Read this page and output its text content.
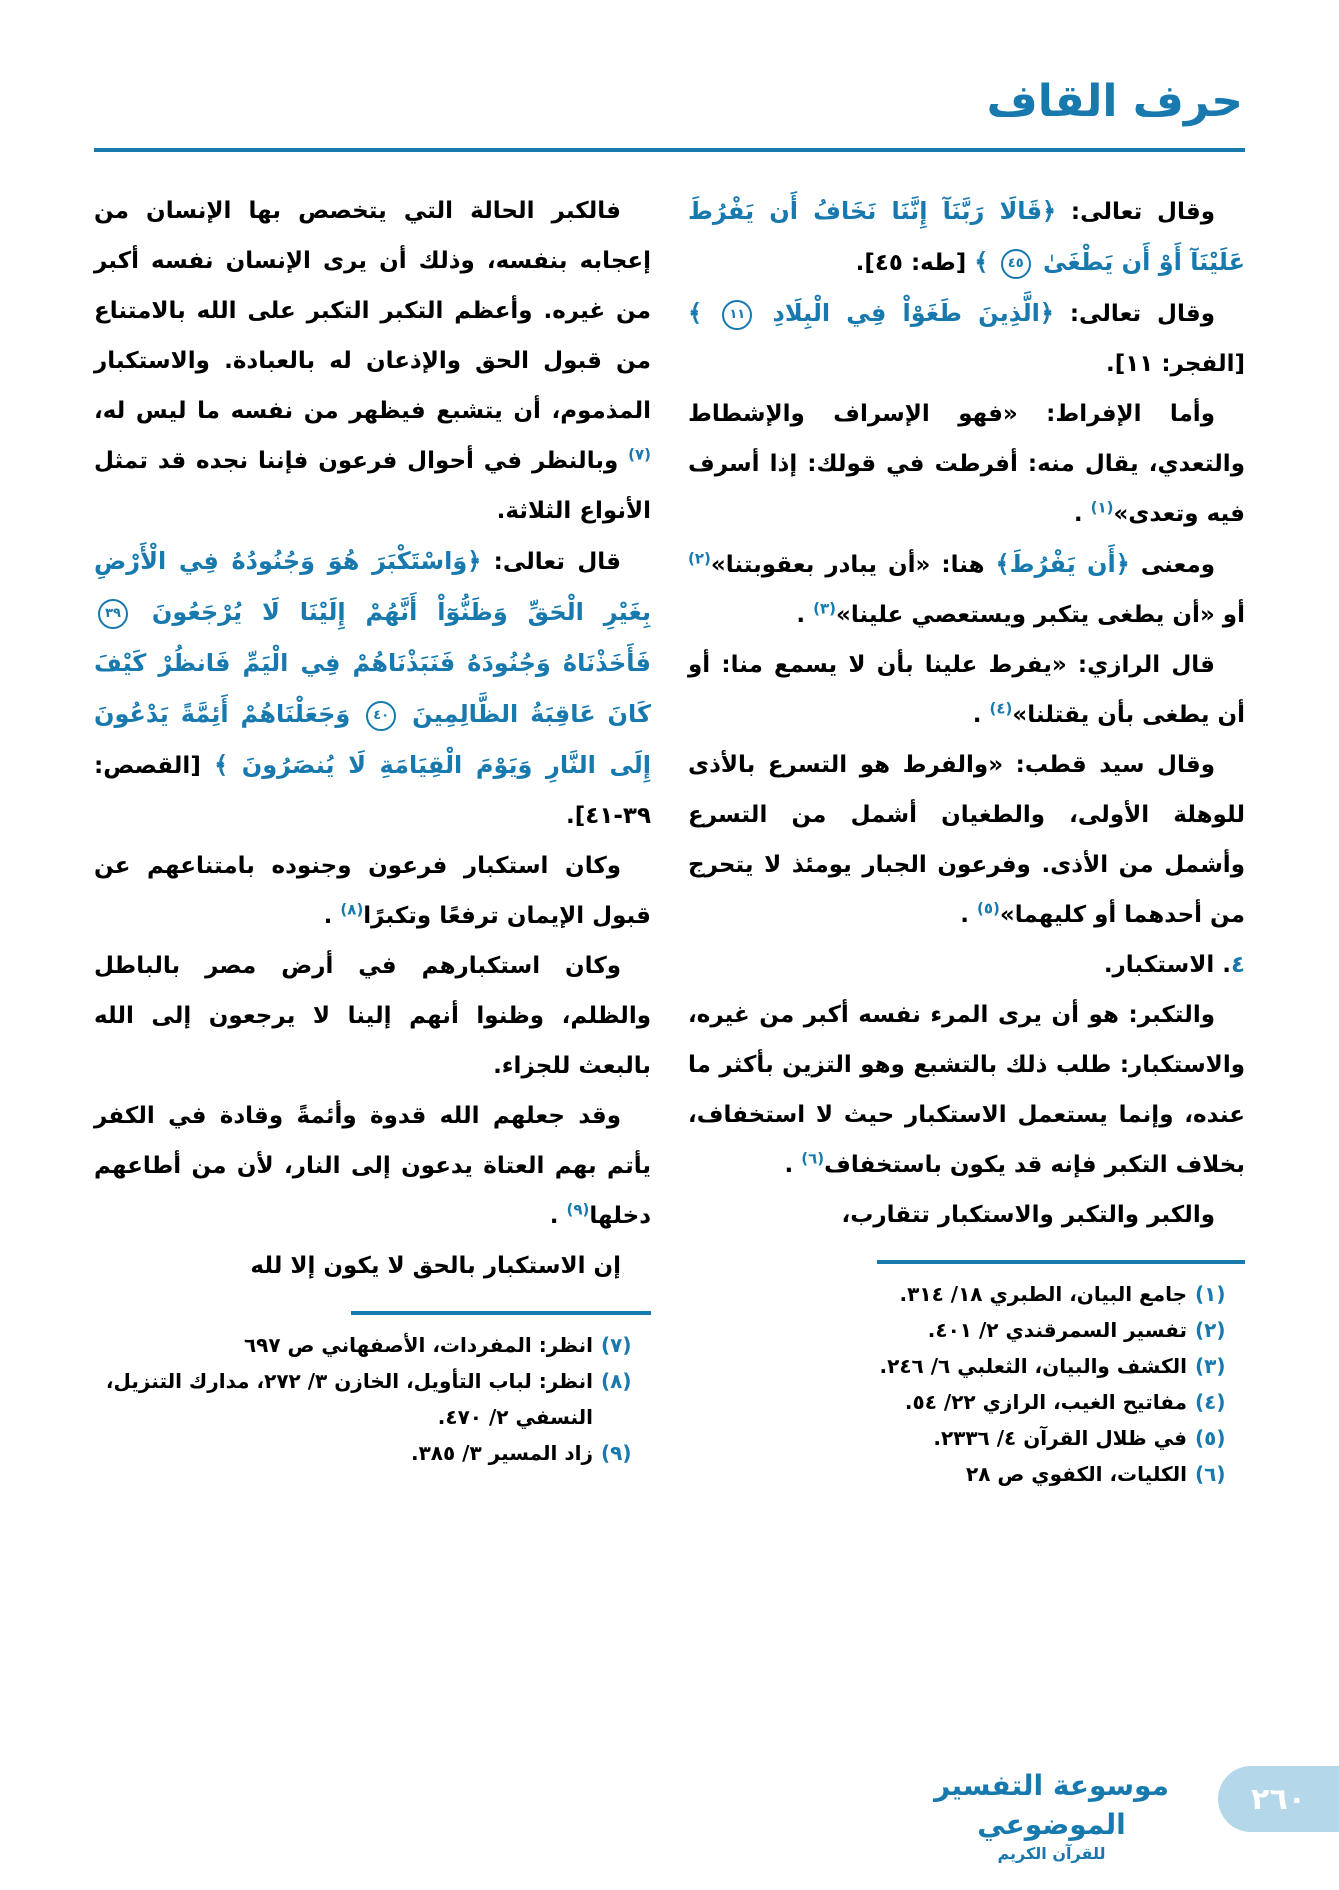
حرف القاف

وقال تعالى: ﴿قَالَا رَبَّنَآ إِنَّنَا نَخَافُ أَن يَفْرُطَ عَلَيْنَآ أَوْ أَن يَطْغَىٰ ٤٥ ﴾ [طه: ٤٥].

وقال تعالى: ﴿الَّذِينَ طَغَوْاْ فِي الْبِلَادِ ١١ ﴾ [الفجر: ١١].

وأما الإفراط: «فهو الإسراف والإشطاط والتعدي، يقال منه: أفرطت في قولك: إذا أسرف فيه وتعدى»$^{(١)}$ .

ومعنى ﴿أَن يَفْرُطَ﴾ هنا: «أن يبادر بعقوبتنا»$^{(٢)}$ أو «أن يطغى يتكبر ويستعصي علينا»$^{(٣)}$ .

قال الرازي: «يفرط علينا بأن لا يسمع منا: أو أن يطغى بأن يقتلنا»$^{(٤)}$ .

وقال سيد قطب: «والفرط هو التسرع بالأذى للوهلة الأولى، والطغيان أشمل من التسرع وأشمل من الأذى. وفرعون الجبار يومئذ لا يتحرج من أحدهما أو كليهما»$^{(٥)}$ .

٤. الاستكبار.

والتكبر: هو أن يرى المرء نفسه أكبر من غيره، والاستكبار: طلب ذلك بالتشبع وهو التزين بأكثر ما عنده، وإنما يستعمل الاستكبار حيث لا استخفاف، بخلاف التكبر فإنه قد يكون باستخفاف$^{(٦)}$ .

والكبر والتكبر والاستكبار تتقارب،

(١)
جامع البيان، الطبري ١٨/ ٣١٤.
(٢)
تفسير السمرقندي ٢/ ٤٠١.
(٣)
الكشف والبيان، الثعلبي ٦/ ٢٤٦.
(٤)
مفاتيح الغيب، الرازي ٢٢/ ٥٤.
(٥)
في ظلال القرآن ٤/ ٢٣٣٦.
(٦)
الكليات، الكفوي ص ٢٨

فالكبر الحالة التي يتخصص بها الإنسان من إعجابه بنفسه، وذلك أن يرى الإنسان نفسه أكبر من غيره. وأعظم التكبر التكبر على الله بالامتناع من قبول الحق والإذعان له بالعبادة. والاستكبار المذموم، أن يتشبع فيظهر من نفسه ما ليس له،$^{(٧)}$ وبالنظر في أحوال فرعون فإننا نجده قد تمثل الأنواع الثلاثة.

قال تعالى: ﴿وَاسْتَكْبَرَ هُوَ وَجُنُودُهُ فِي الْأَرْضِ بِغَيْرِ الْحَقِّ وَظَنُّوٓاْ أَنَّهُمْ إِلَيْنَا لَا يُرْجَعُونَ ٣٩ فَأَخَذْنَاهُ وَجُنُودَهُ فَنَبَذْنَاهُمْ فِي الْيَمِّ فَانظُرْ كَيْفَ كَانَ عَاقِبَةُ الظَّالِمِينَ ٤٠ وَجَعَلْنَاهُمْ أَئِمَّةً يَدْعُونَ إِلَى النَّارِ وَيَوْمَ الْقِيَامَةِ لَا يُنصَرُونَ ﴾ [القصص: ٣٩-٤١].

وكان استكبار فرعون وجنوده بامتناعهم عن قبول الإيمان ترفعًا وتكبرًا$^{(٨)}$ .

وكان استكبارهم في أرض مصر بالباطل والظلم، وظنوا أنهم إلينا لا يرجعون إلى الله بالبعث للجزاء.

وقد جعلهم الله قدوة وأئمةً وقادة في الكفر يأتم بهم العتاة يدعون إلى النار، لأن من أطاعهم دخلها$^{(٩)}$ .

إن الاستكبار بالحق لا يكون إلا لله

(٧)
انظر: المفردات، الأصفهاني ص ٦٩٧
(٨)
انظر: لباب التأويل، الخازن ٣/ ٢٧٢، مدارك التنزيل، النسفي ٢/ ٤٧٠.
(٩)
زاد المسير ٣/ ٣٨٥.
موسوعة التفسير الموضوعي
للقرآن الكريم
٢٦٠
